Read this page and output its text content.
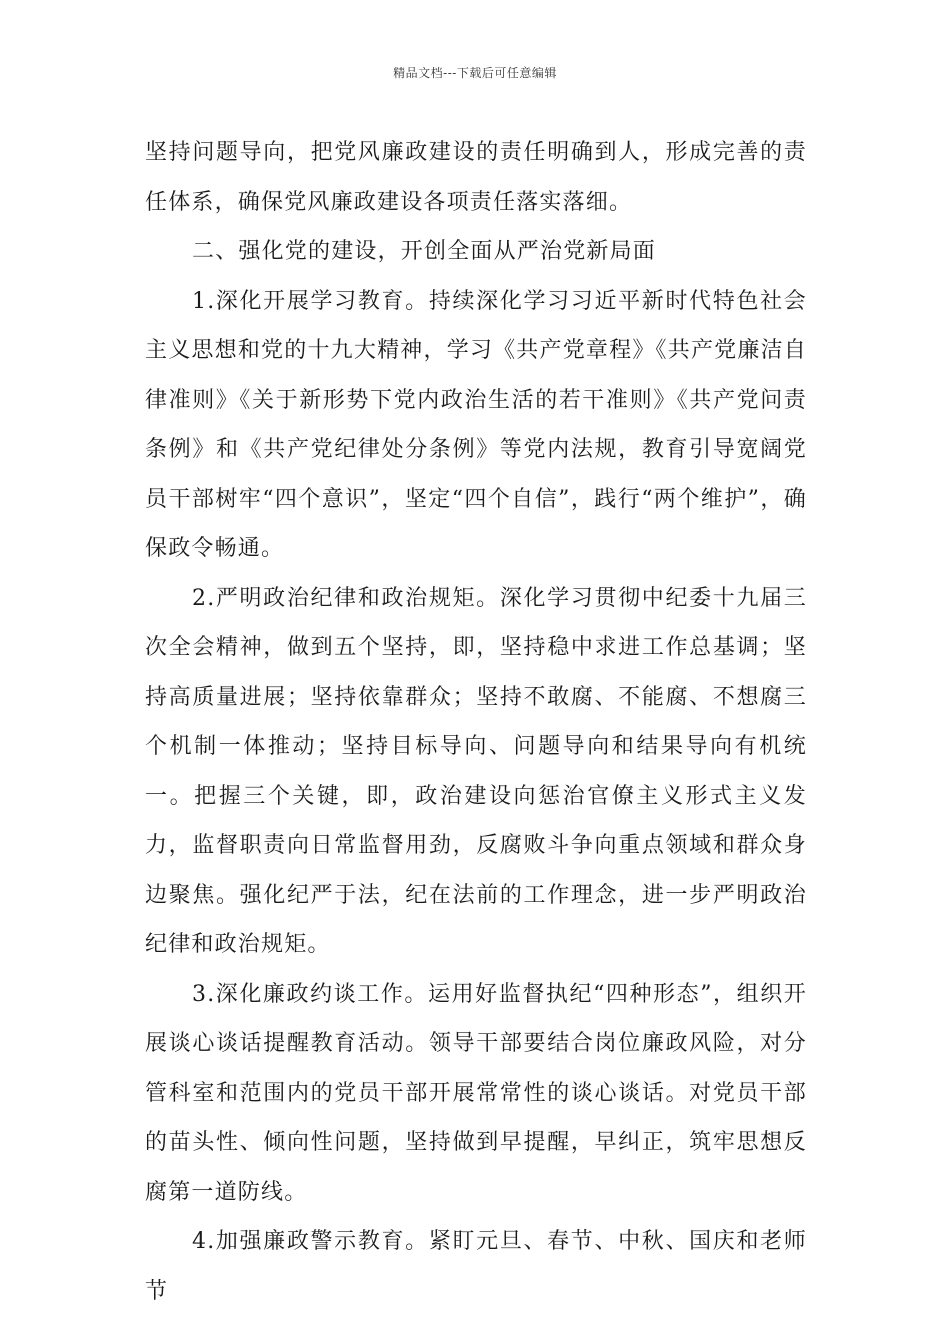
精品文档---下载后可任意编辑

坚持问题导向，把党风廉政建设的责任明确到人，形成完善的责任体系，确保党风廉政建设各项责任落实落细。

二、强化党的建设，开创全面从严治党新局面

1.深化开展学习教育。持续深化学习习近平新时代特色社会主义思想和党的十九大精神，学习《共产党章程》《共产党廉洁自律准则》《关于新形势下党内政治生活的若干准则》《共产党问责条例》和《共产党纪律处分条例》等党内法规，教育引导宽阔党员干部树牢“四个意识”，坚定“四个自信”，践行“两个维护”，确保政令畅通。

2.严明政治纪律和政治规矩。深化学习贯彻中纪委十九届三次全会精神，做到五个坚持，即，坚持稳中求进工作总基调；坚持高质量进展；坚持依靠群众；坚持不敢腐、不能腐、不想腐三个机制一体推动；坚持目标导向、问题导向和结果导向有机统一。把握三个关键，即，政治建设向惩治官僚主义形式主义发力，监督职责向日常监督用劲，反腐败斗争向重点领域和群众身边聚焦。强化纪严于法，纪在法前的工作理念，进一步严明政治纪律和政治规矩。

3.深化廉政约谈工作。运用好监督执纪“四种形态”，组织开展谈心谈话提醒教育活动。领导干部要结合岗位廉政风险，对分管科室和范围内的党员干部开展常常性的谈心谈话。对党员干部的苗头性、倾向性问题，坚持做到早提醒，早纠正，筑牢思想反腐第一道防线。

4.加强廉政警示教育。紧盯元旦、春节、中秋、国庆和老师节
